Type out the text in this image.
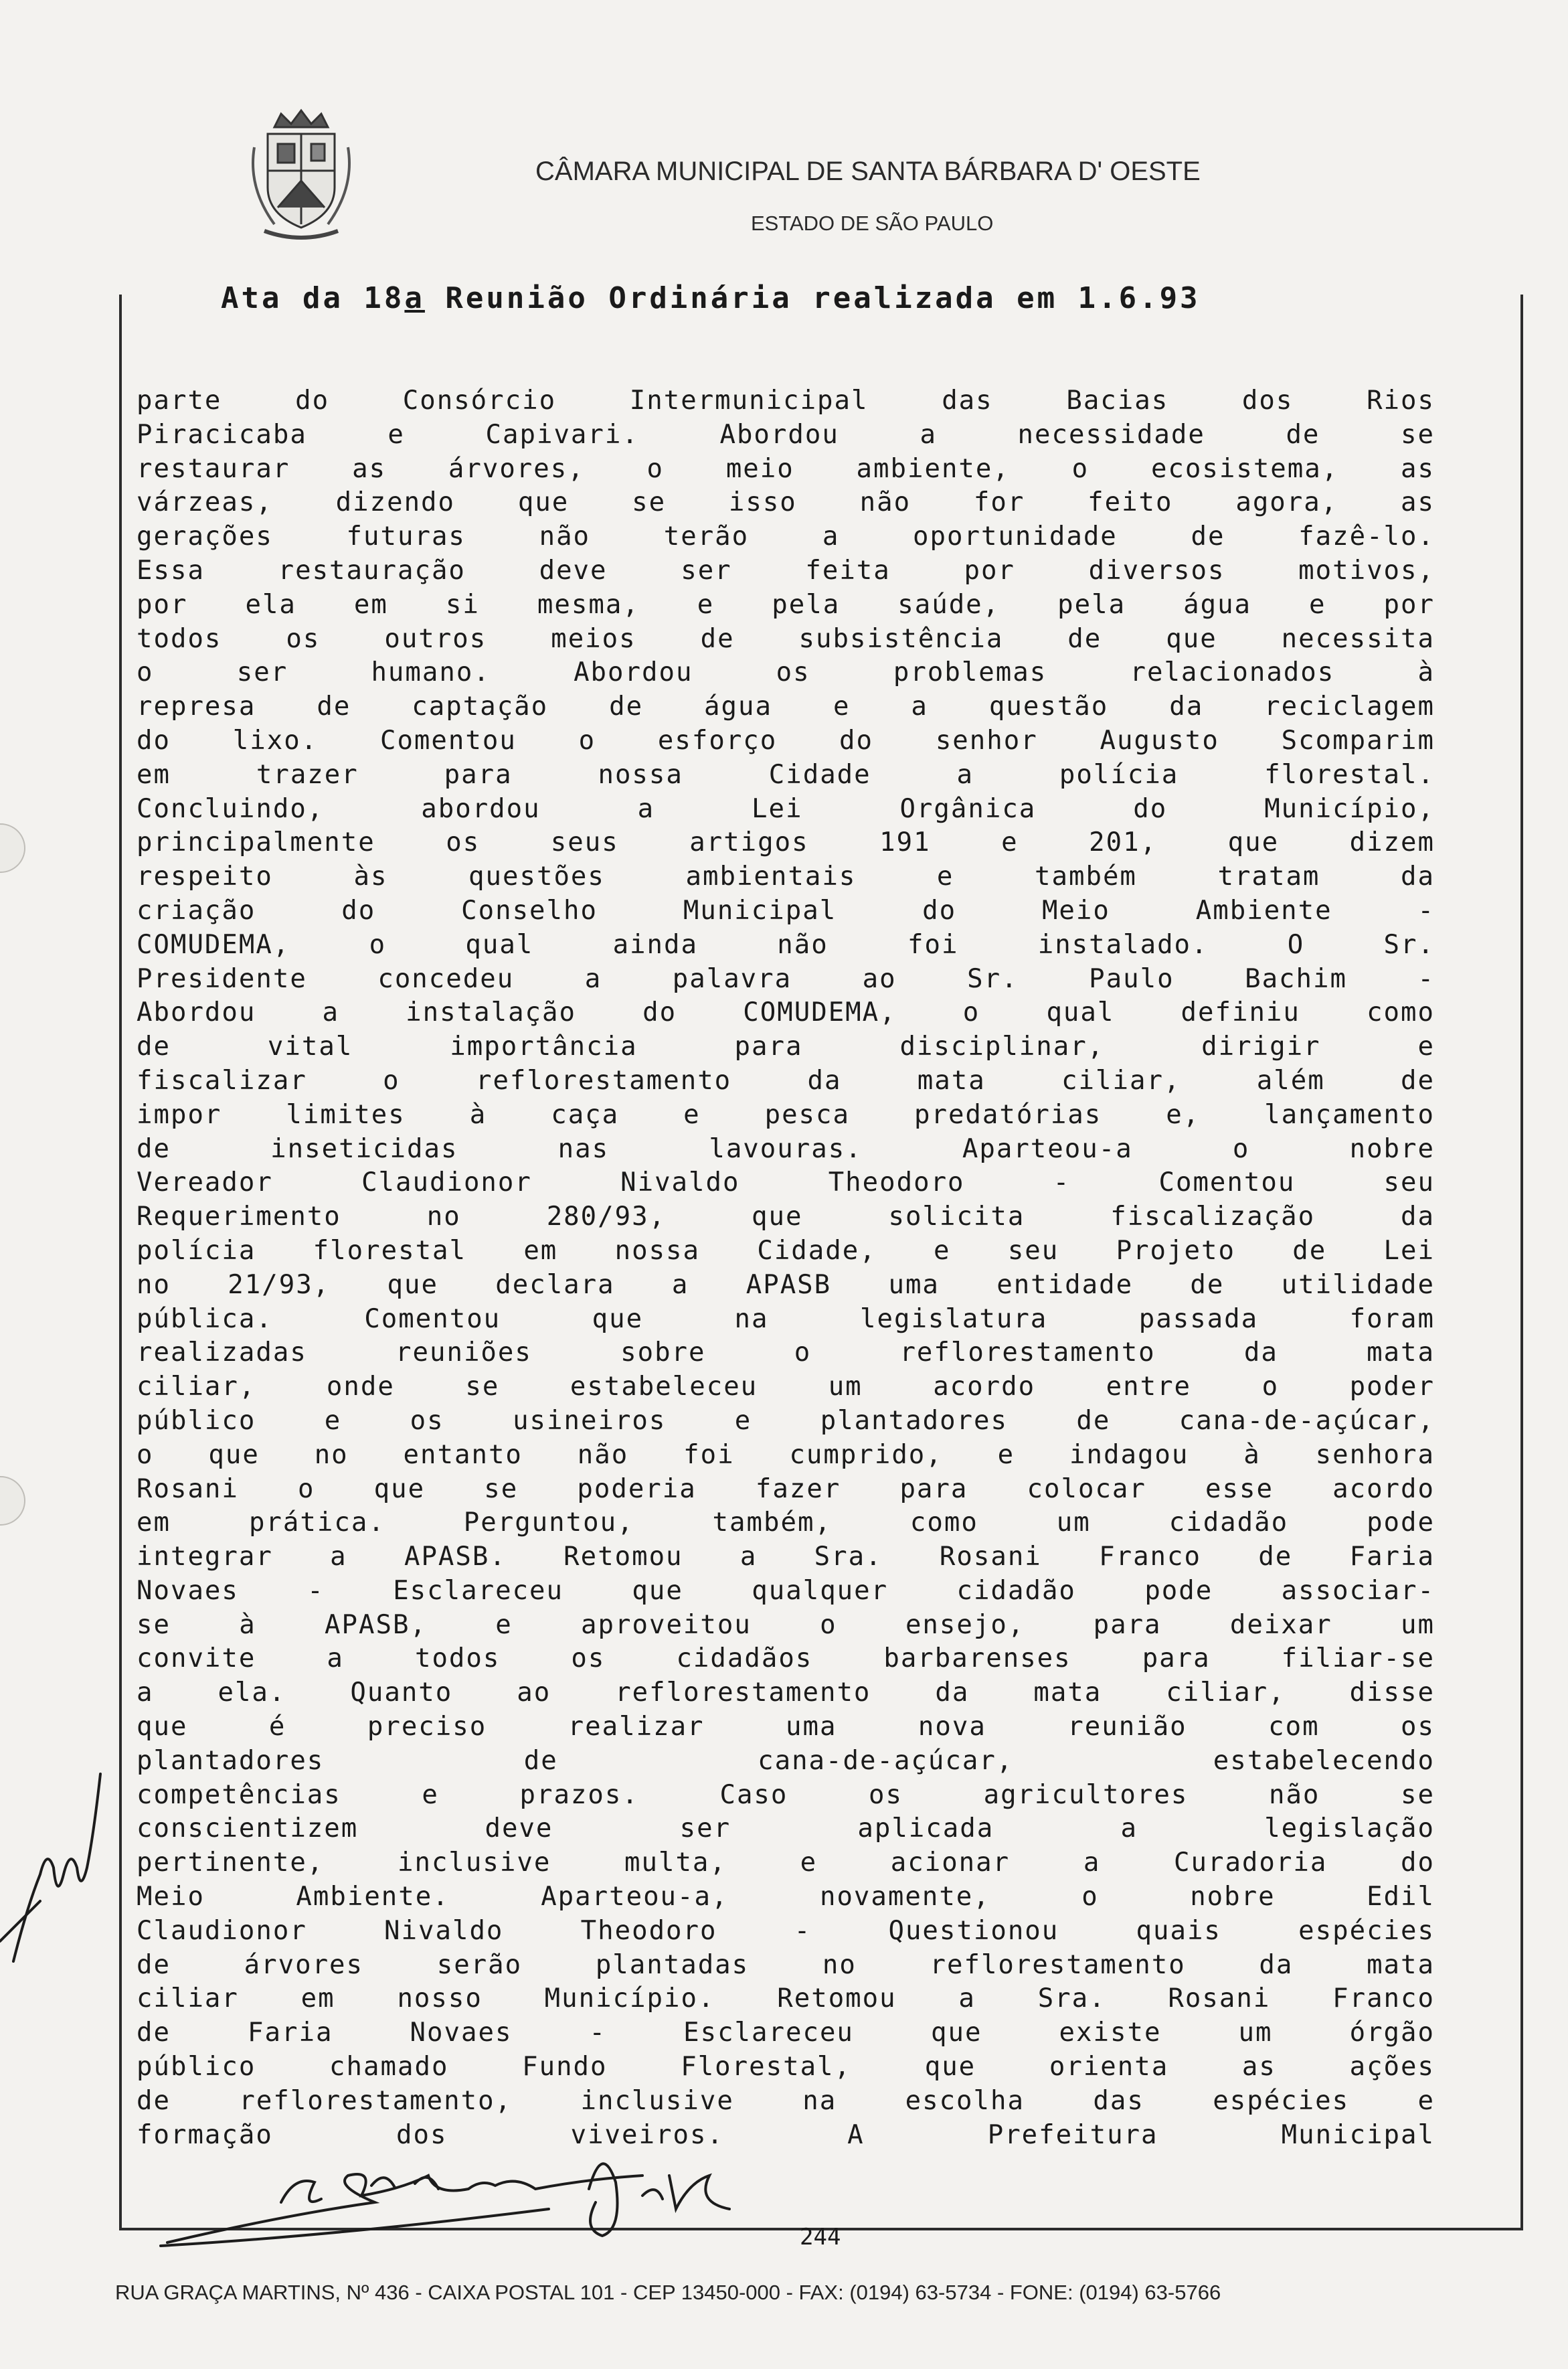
CÂMARA MUNICIPAL DE SANTA BÁRBARA D' OESTE
ESTADO DE SÃO PAULO
Ata da 18a Reunião Ordinária realizada em 1.6.93
parte do Consórcio Intermunicipal das Bacias dos Rios
Piracicaba e Capivari. Abordou a necessidade de se
restaurar as árvores, o meio ambiente, o ecosistema, as
várzeas, dizendo que se isso não for feito agora, as
gerações futuras não terão a oportunidade de fazê-lo.
Essa restauração deve ser feita por diversos motivos,
por ela em si mesma, e pela saúde, pela água e por
todos os outros meios de subsistência de que necessita
o ser humano. Abordou os problemas relacionados à
represa de captação de água e a questão da reciclagem
do lixo. Comentou o esforço do senhor Augusto Scomparim
em trazer para nossa Cidade a polícia florestal.
Concluindo, abordou a Lei Orgânica do Município,
principalmente os seus artigos 191 e 201, que dizem
respeito às questões ambientais e também tratam da
criação do Conselho Municipal do Meio Ambiente -
COMUDEMA, o qual ainda não foi instalado. O Sr.
Presidente concedeu a palavra ao Sr. Paulo Bachim -
Abordou a instalação do COMUDEMA, o qual definiu como
de vital importância para disciplinar, dirigir e
fiscalizar o reflorestamento da mata ciliar, além de
impor limites à caça e pesca predatórias e, lançamento
de inseticidas nas lavouras. Aparteou-a o nobre
Vereador Claudionor Nivaldo Theodoro - Comentou seu
Requerimento no 280/93, que solicita fiscalização da
polícia florestal em nossa Cidade, e seu Projeto de Lei
no 21/93, que declara a APASB uma entidade de utilidade
pública. Comentou que na legislatura passada foram
realizadas reuniões sobre o reflorestamento da mata
ciliar, onde se estabeleceu um acordo entre o poder
público e os usineiros e plantadores de cana-de-açúcar,
o que no entanto não foi cumprido, e indagou à senhora
Rosani o que se poderia fazer para colocar esse acordo
em prática. Perguntou, também, como um cidadão pode
integrar a APASB. Retomou a Sra. Rosani Franco de Faria
Novaes - Esclareceu que qualquer cidadão pode associar-
se à APASB, e aproveitou o ensejo, para deixar um
convite a todos os cidadãos barbarenses para filiar-se
a ela. Quanto ao reflorestamento da mata ciliar, disse
que é preciso realizar uma nova reunião com os
plantadores de cana-de-açúcar, estabelecendo
competências e prazos. Caso os agricultores não se
conscientizem deve ser aplicada a legislação
pertinente, inclusive multa, e acionar a Curadoria do
Meio Ambiente. Aparteou-a, novamente, o nobre Edil
Claudionor Nivaldo Theodoro - Questionou quais espécies
de árvores serão plantadas no reflorestamento da mata
ciliar em nosso Município. Retomou a Sra. Rosani Franco
de Faria Novaes - Esclareceu que existe um órgão
público chamado Fundo Florestal, que orienta as ações
de reflorestamento, inclusive na escolha das espécies e
formação dos viveiros. A Prefeitura Municipal
244
RUA GRAÇA MARTINS, Nº 436 - CAIXA POSTAL 101 - CEP 13450-000 - FAX: (0194) 63-5734 - FONE: (0194) 63-5766
